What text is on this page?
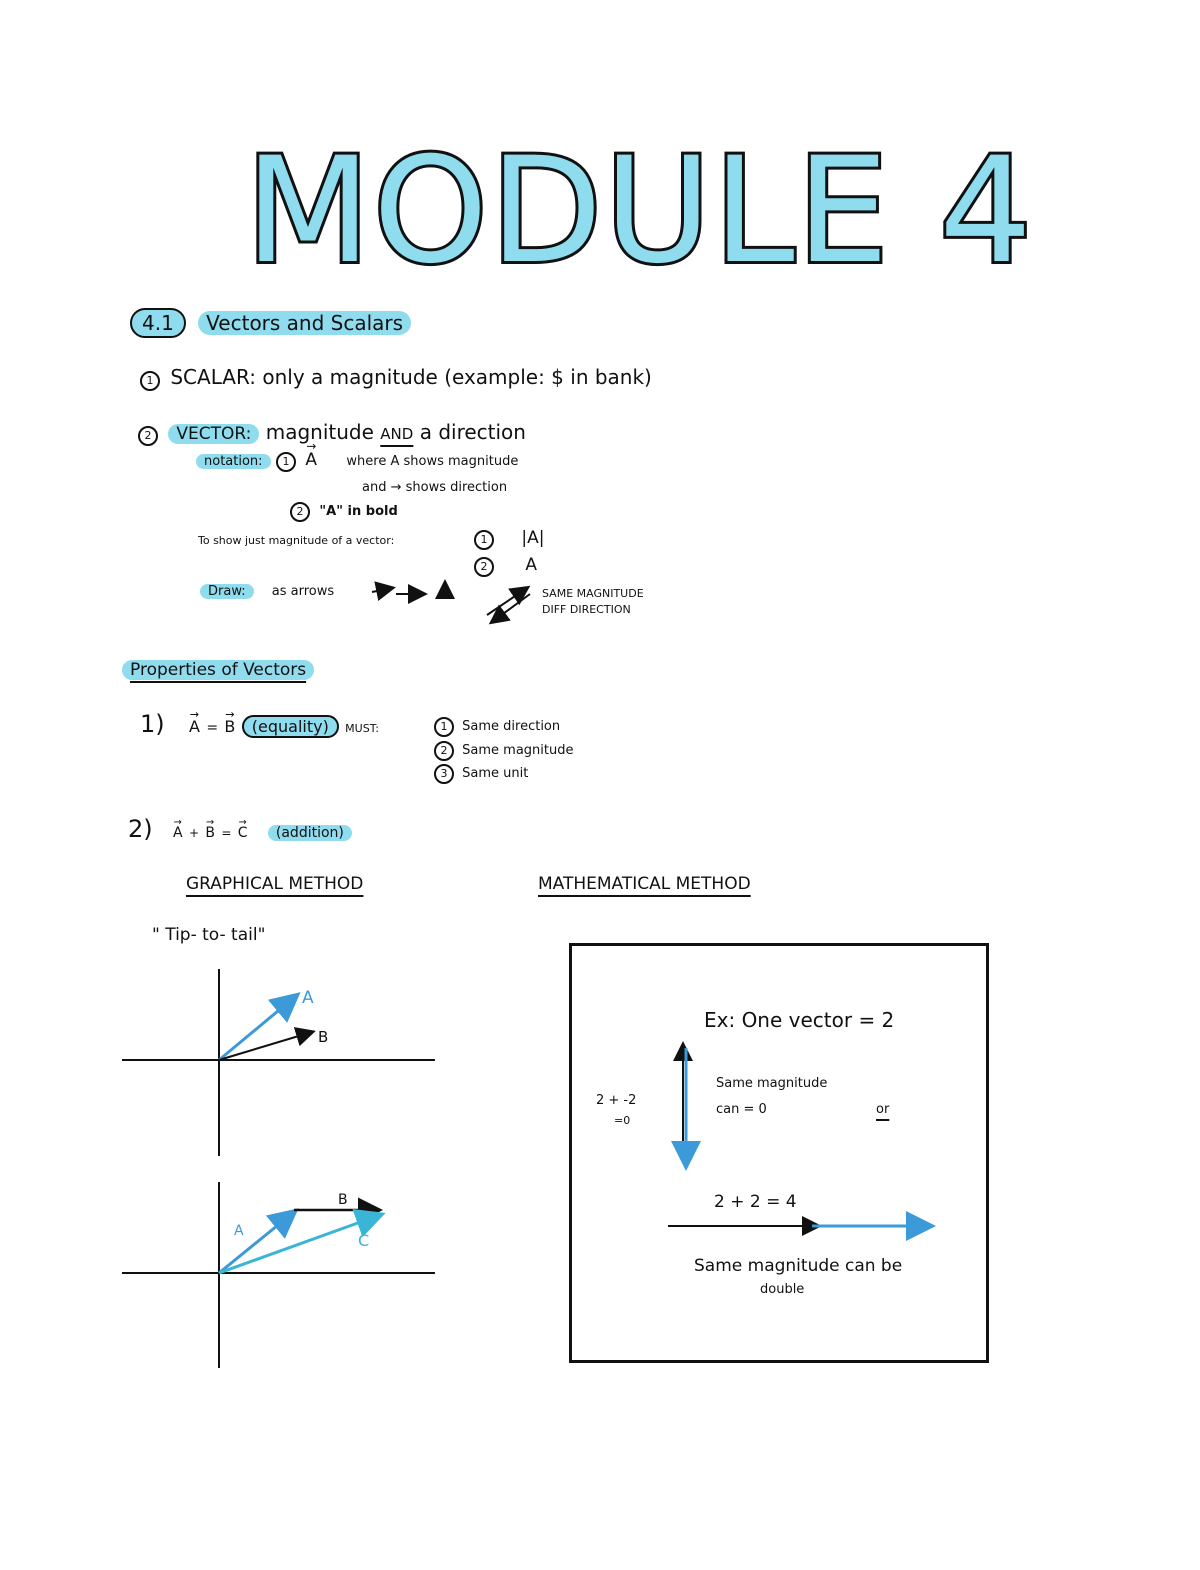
MODULE 4
4.1 Vectors and Scalars
1 SCALAR: only a magnitude (example: $ in bank)
2 VECTOR: magnitude AND a direction
notation: 1 → A where A shows magnitude
and → shows direction
2 "A" in bold
To show just magnitude of a vector:	1 |A|
2 A
Draw: as arrows	SAME MAGNITUDE
DIFF DIRECTION
Properties of Vectors
1) → A = → B (equality) MUST:	1 Same direction
2 Same magnitude
3 Same unit
2) → A + → B = → C (addition)
GRAPHICAL METHOD
" Tip- to- tail"
MATHEMATICAL METHOD
Ex: One vector = 2
2 + -2
=0
Same magnitude
can = 0	or
2 + 2 = 4
Same magnitude can be
double
A
B
A
B
C
